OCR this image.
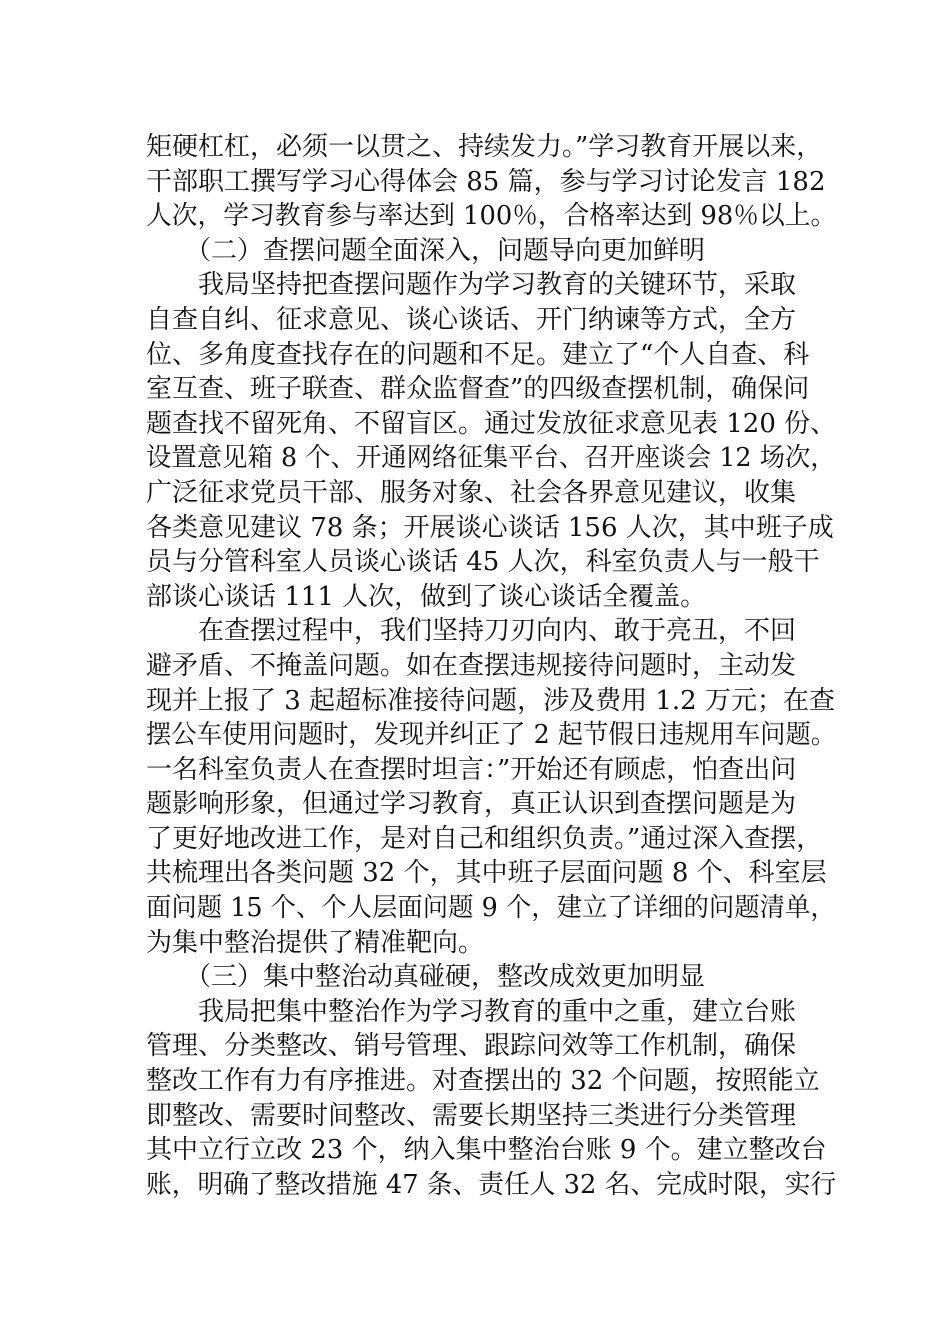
矩硬杠杠，必须一以贯之、持续发力。”学习教育开展以来，
干部职工撰写学习心得体会 85 篇，参与学习讨论发言 182
人次，学习教育参与率达到 100％，合格率达到 98％以上。
　　（二）查摆问题全面深入，问题导向更加鲜明
　　我局坚持把查摆问题作为学习教育的关键环节，采取
自查自纠、征求意见、谈心谈话、开门纳谏等方式，全方
位、多角度查找存在的问题和不足。建立了“个人自查、科
室互查、班子联查、群众监督查”的四级查摆机制，确保问
题查找不留死角、不留盲区。通过发放征求意见表 120 份、
设置意见箱 8 个、开通网络征集平台、召开座谈会 12 场次，
广泛征求党员干部、服务对象、社会各界意见建议，收集
各类意见建议 78 条；开展谈心谈话 156 人次，其中班子成
员与分管科室人员谈心谈话 45 人次，科室负责人与一般干
部谈心谈话 111 人次，做到了谈心谈话全覆盖。
　　在查摆过程中，我们坚持刀刃向内、敢于亮丑，不回
避矛盾、不掩盖问题。如在查摆违规接待问题时，主动发
现并上报了 3 起超标准接待问题，涉及费用 1.2 万元；在查
摆公车使用问题时，发现并纠正了 2 起节假日违规用车问题。
一名科室负责人在查摆时坦言：”开始还有顾虑，怕查出问
题影响形象，但通过学习教育，真正认识到查摆问题是为
了更好地改进工作，是对自己和组织负责。”通过深入查摆，
共梳理出各类问题 32 个，其中班子层面问题 8 个、科室层
面问题 15 个、个人层面问题 9 个，建立了详细的问题清单，
为集中整治提供了精准靶向。
　　（三）集中整治动真碰硬，整改成效更加明显
　　我局把集中整治作为学习教育的重中之重，建立台账
管理、分类整改、销号管理、跟踪问效等工作机制，确保
整改工作有力有序推进。对查摆出的 32 个问题，按照能立
即整改、需要时间整改、需要长期坚持三类进行分类管理
其中立行立改 23 个，纳入集中整治台账 9 个。建立整改台
账，明确了整改措施 47 条、责任人 32 名、完成时限，实行
